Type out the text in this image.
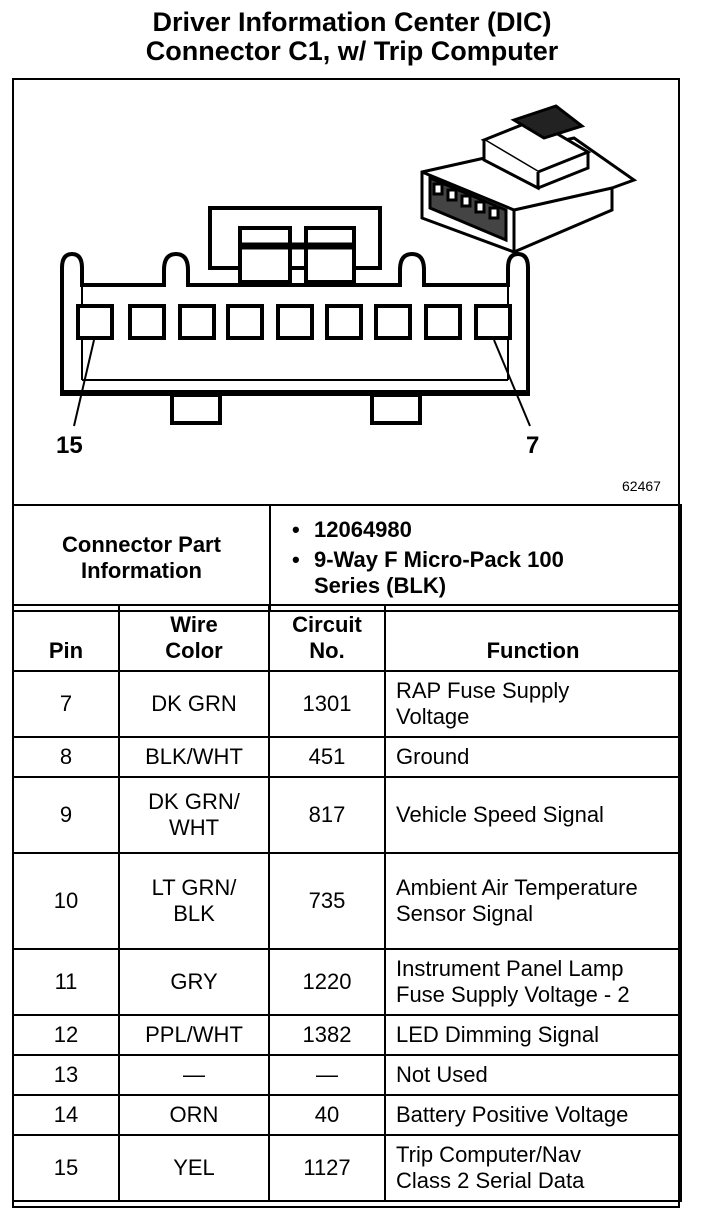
Driver Information Center (DIC)
Connector C1, w/ Trip Computer
15	7
62467
Connector Part Information	
• 12064980
• 9-Way F Micro-Pack 100 Series (BLK)
Pin	Wire Color	Circuit No.	Function
7	DK GRN	1301	RAP Fuse Supply Voltage
8	BLK/WHT	451	Ground
9	DK GRN/ WHT	817	Vehicle Speed Signal
10	LT GRN/ BLK	735	Ambient Air Temperature Sensor Signal
11	GRY	1220	Instrument Panel Lamp Fuse Supply Voltage - 2
12	PPL/WHT	1382	LED Dimming Signal
13	—	—	Not Used
14	ORN	40	Battery Positive Voltage
15	YEL	1127	Trip Computer/Nav Class 2 Serial Data
